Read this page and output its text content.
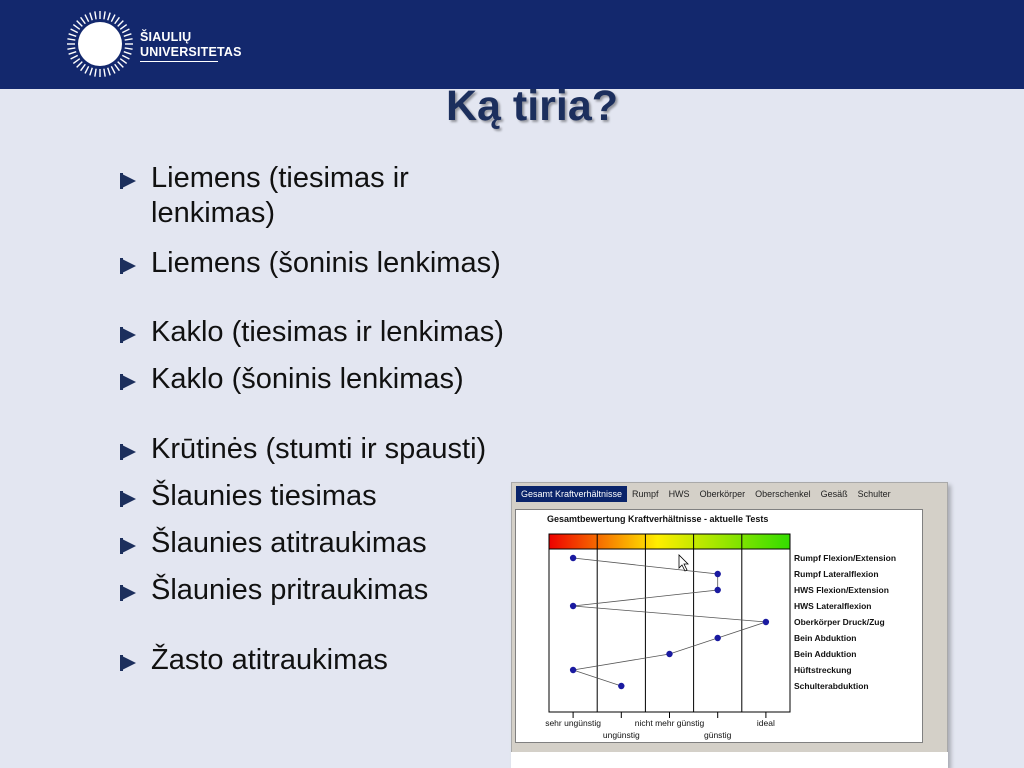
ŠIAULIŲ
UNIVERSITETAS
Ką tiria?
Liemens (tiesimas ir lenkimas)
Liemens (šoninis lenkimas)
Kaklo (tiesimas ir lenkimas)
Kaklo (šoninis lenkimas)
Krūtinės (stumti ir spausti)
Šlaunies tiesimas
Šlaunies atitraukimas
Šlaunies pritraukimas
Žasto atitraukimas
Gesamt Kraftverhältnisse	Rumpf	HWS	Oberkörper	Oberschenkel	Gesäß	Schulter
Gesamtbewertung Kraftverhältnisse - aktuelle Tests
Rumpf Flexion/Extension
Rumpf Lateralflexion
HWS Flexion/Extension
HWS Lateralflexion
Oberkörper Druck/Zug
Bein Abduktion
Bein Adduktion
Hüftstreckung
Schulterabduktion
sehr ungünstig	nicht mehr günstig	ideal
ungünstig	günstig
